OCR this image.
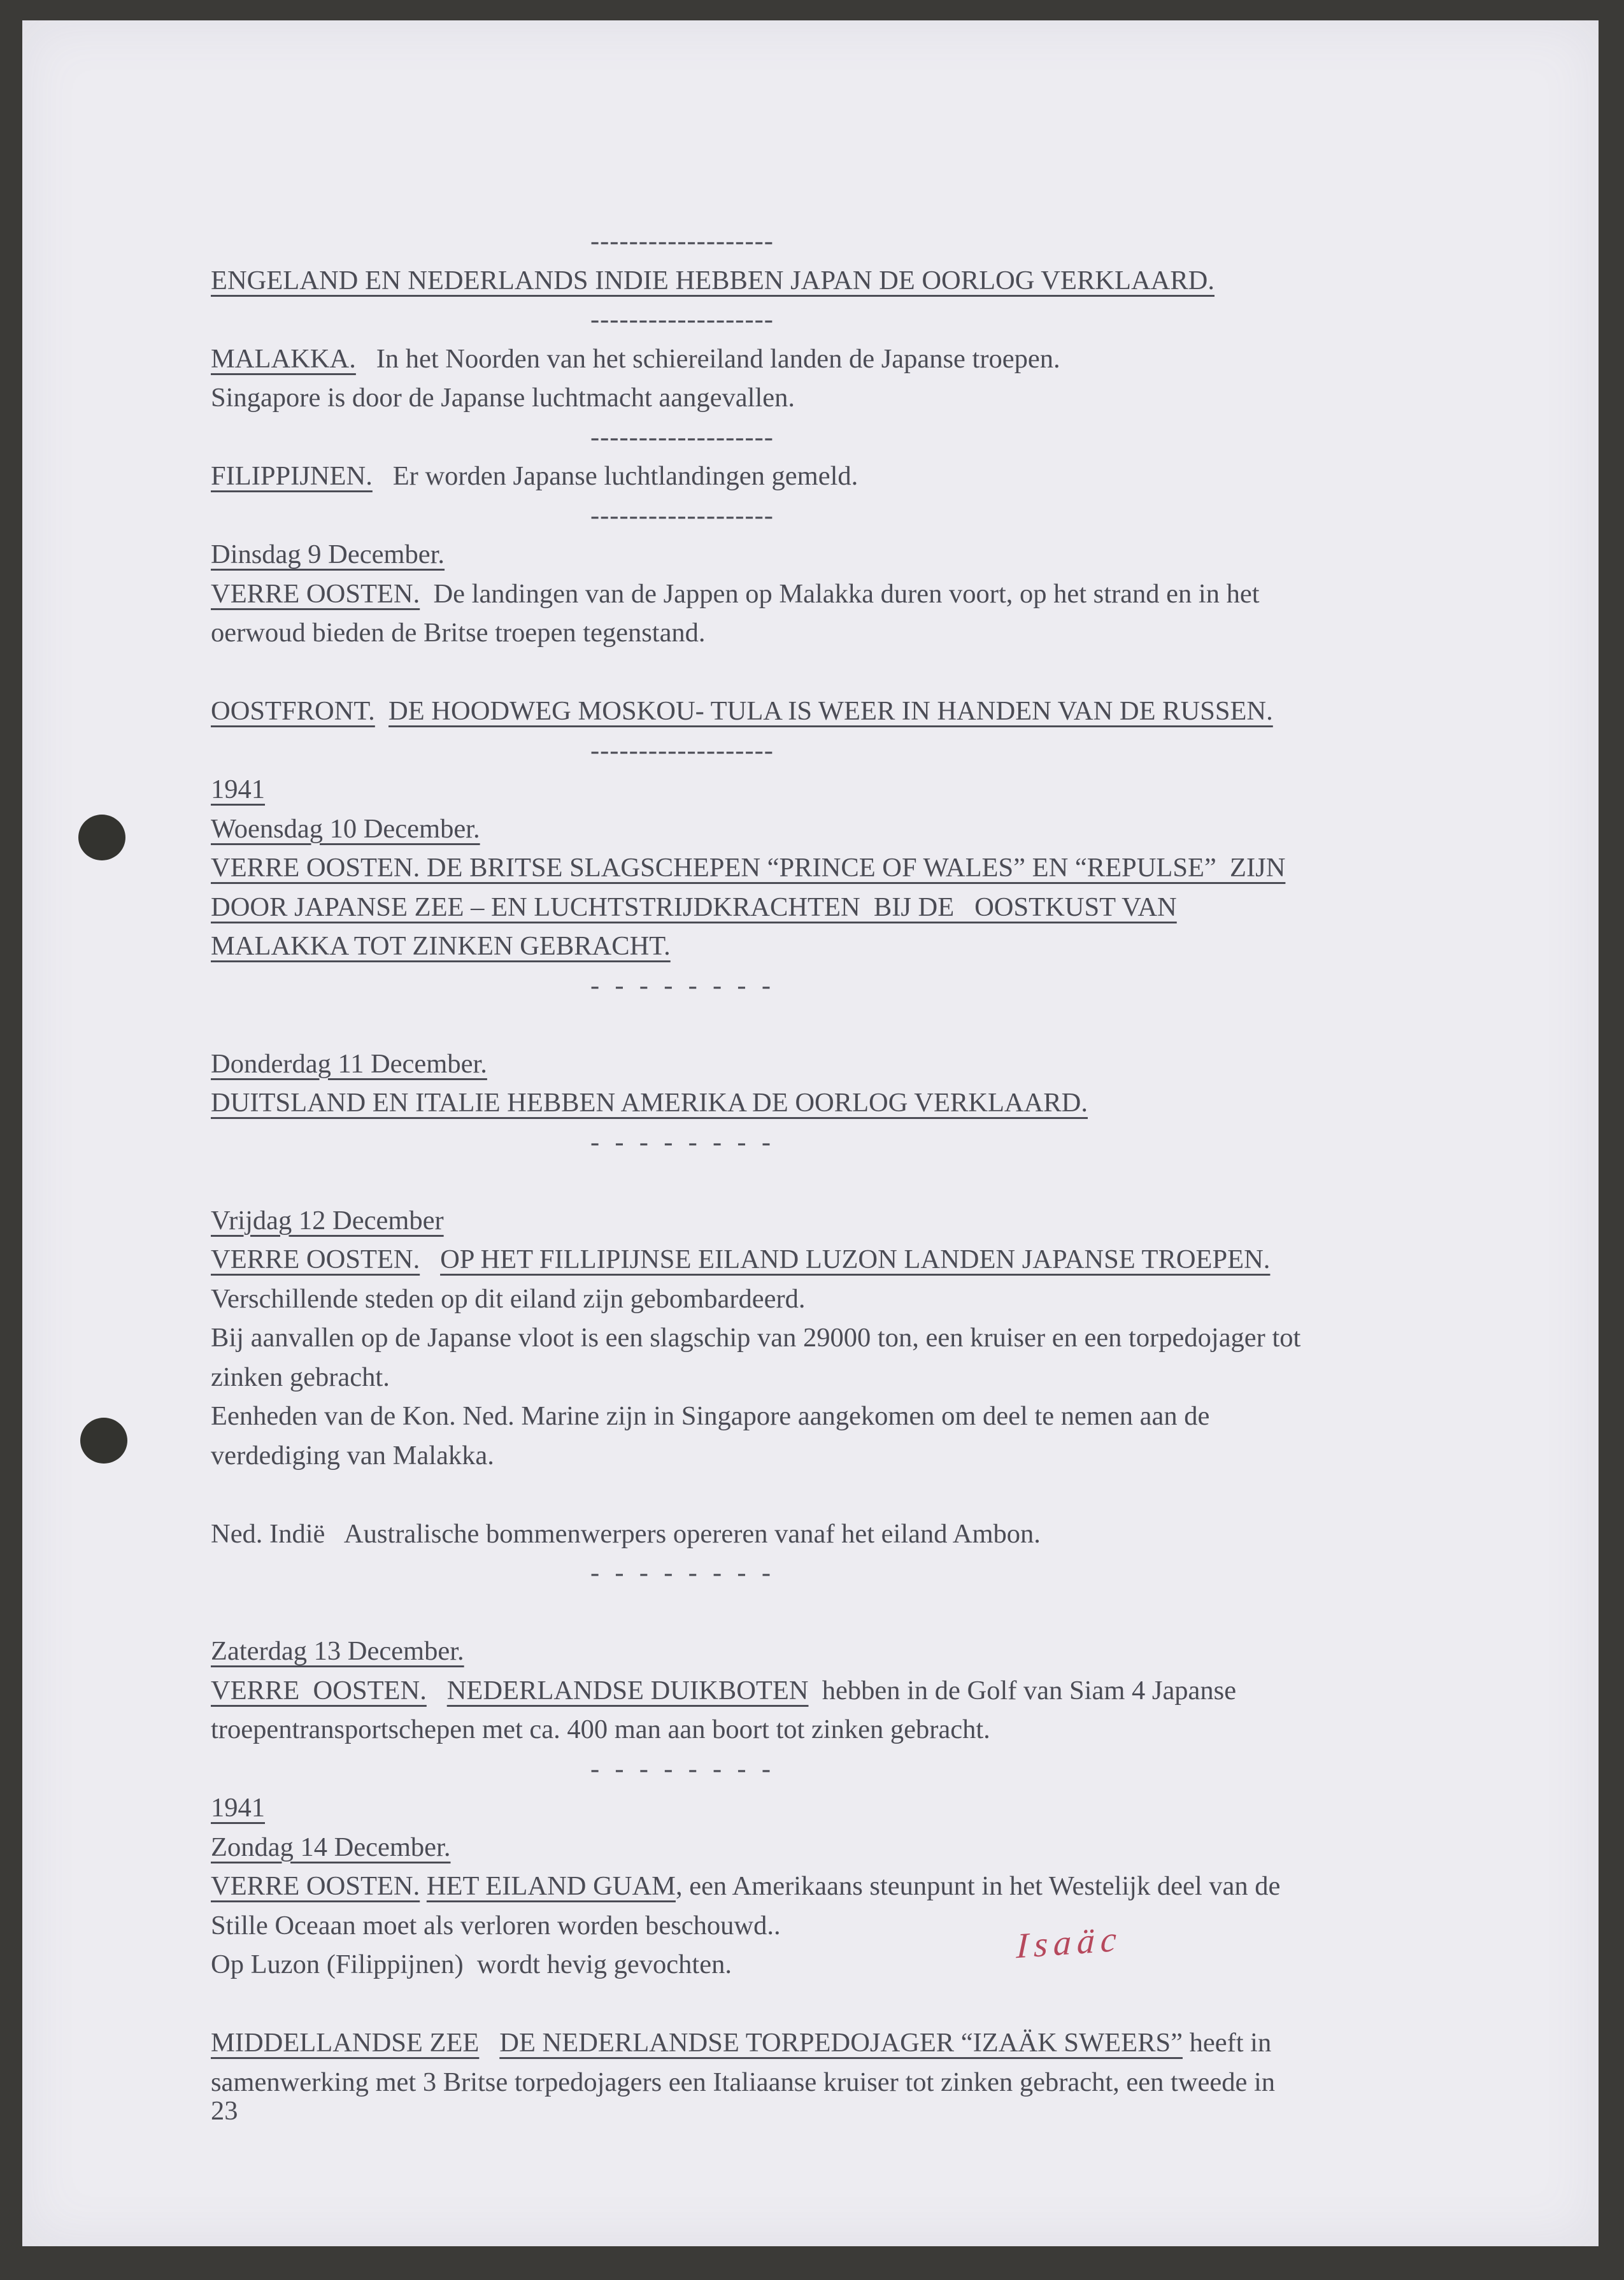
-------------------
ENGELAND EN NEDERLANDS INDIE HEBBEN JAPAN DE OORLOG VERKLAARD.
-------------------
MALAKKA.   In het Noorden van het schiereiland landen de Japanse troepen.
Singapore is door de Japanse luchtmacht aangevallen.
-------------------
FILIPPIJNEN.   Er worden Japanse luchtlandingen gemeld.
-------------------
Dinsdag 9 December.
VERRE OOSTEN.  De landingen van de Jappen op Malakka duren voort, op het strand en in het
oerwoud bieden de Britse troepen tegenstand.

OOSTFRONT. DE HOODWEG MOSKOU- TULA IS WEER IN HANDEN VAN DE RUSSEN.
-------------------
1941
Woensdag 10 December.
VERRE OOSTEN. DE BRITSE SLAGSCHEPEN “PRINCE OF WALES” EN “REPULSE”  ZIJN
DOOR JAPANSE ZEE – EN LUCHTSTRIJDKRACHTEN  BIJ DE   OOSTKUST VAN
MALAKKA TOT ZINKEN GEBRACHT.
-  -  -  -  -  -  -  -

Donderdag 11 December.
DUITSLAND EN ITALIE HEBBEN AMERIKA DE OORLOG VERKLAARD.
-  -  -  -  -  -  -  -

Vrijdag 12 December
VERRE OOSTEN. OP HET FILLIPIJNSE EILAND LUZON LANDEN JAPANSE TROEPEN.
Verschillende steden op dit eiland zijn gebombardeerd.
Bij aanvallen op de Japanse vloot is een slagschip van 29000 ton, een kruiser en een torpedojager tot
zinken gebracht.
Eenheden van de Kon. Ned. Marine zijn in Singapore aangekomen om deel te nemen aan de
verdediging van Malakka.

Ned. Indië   Australische bommenwerpers opereren vanaf het eiland Ambon.
-  -  -  -  -  -  -  -

Zaterdag 13 December.
VERRE  OOSTEN. NEDERLANDSE DUIKBOTEN  hebben in de Golf van Siam 4 Japanse
troepentransportschepen met ca. 400 man aan boort tot zinken gebracht.
-  -  -  -  -  -  -  -
1941
Zondag 14 December.
VERRE OOSTEN. HET EILAND GUAM, een Amerikaans steunpunt in het Westelijk deel van de
Stille Oceaan moet als verloren worden beschouwd..
Op Luzon (Filippijnen)  wordt hevig gevochten.

MIDDELLANDSE ZEE DE NEDERLANDSE TORPEDOJAGER “IZAÄK SWEERS” heeft in
samenwerking met 3 Britse torpedojagers een Italiaanse kruiser tot zinken gebracht, een tweede in
Isaäc
23
